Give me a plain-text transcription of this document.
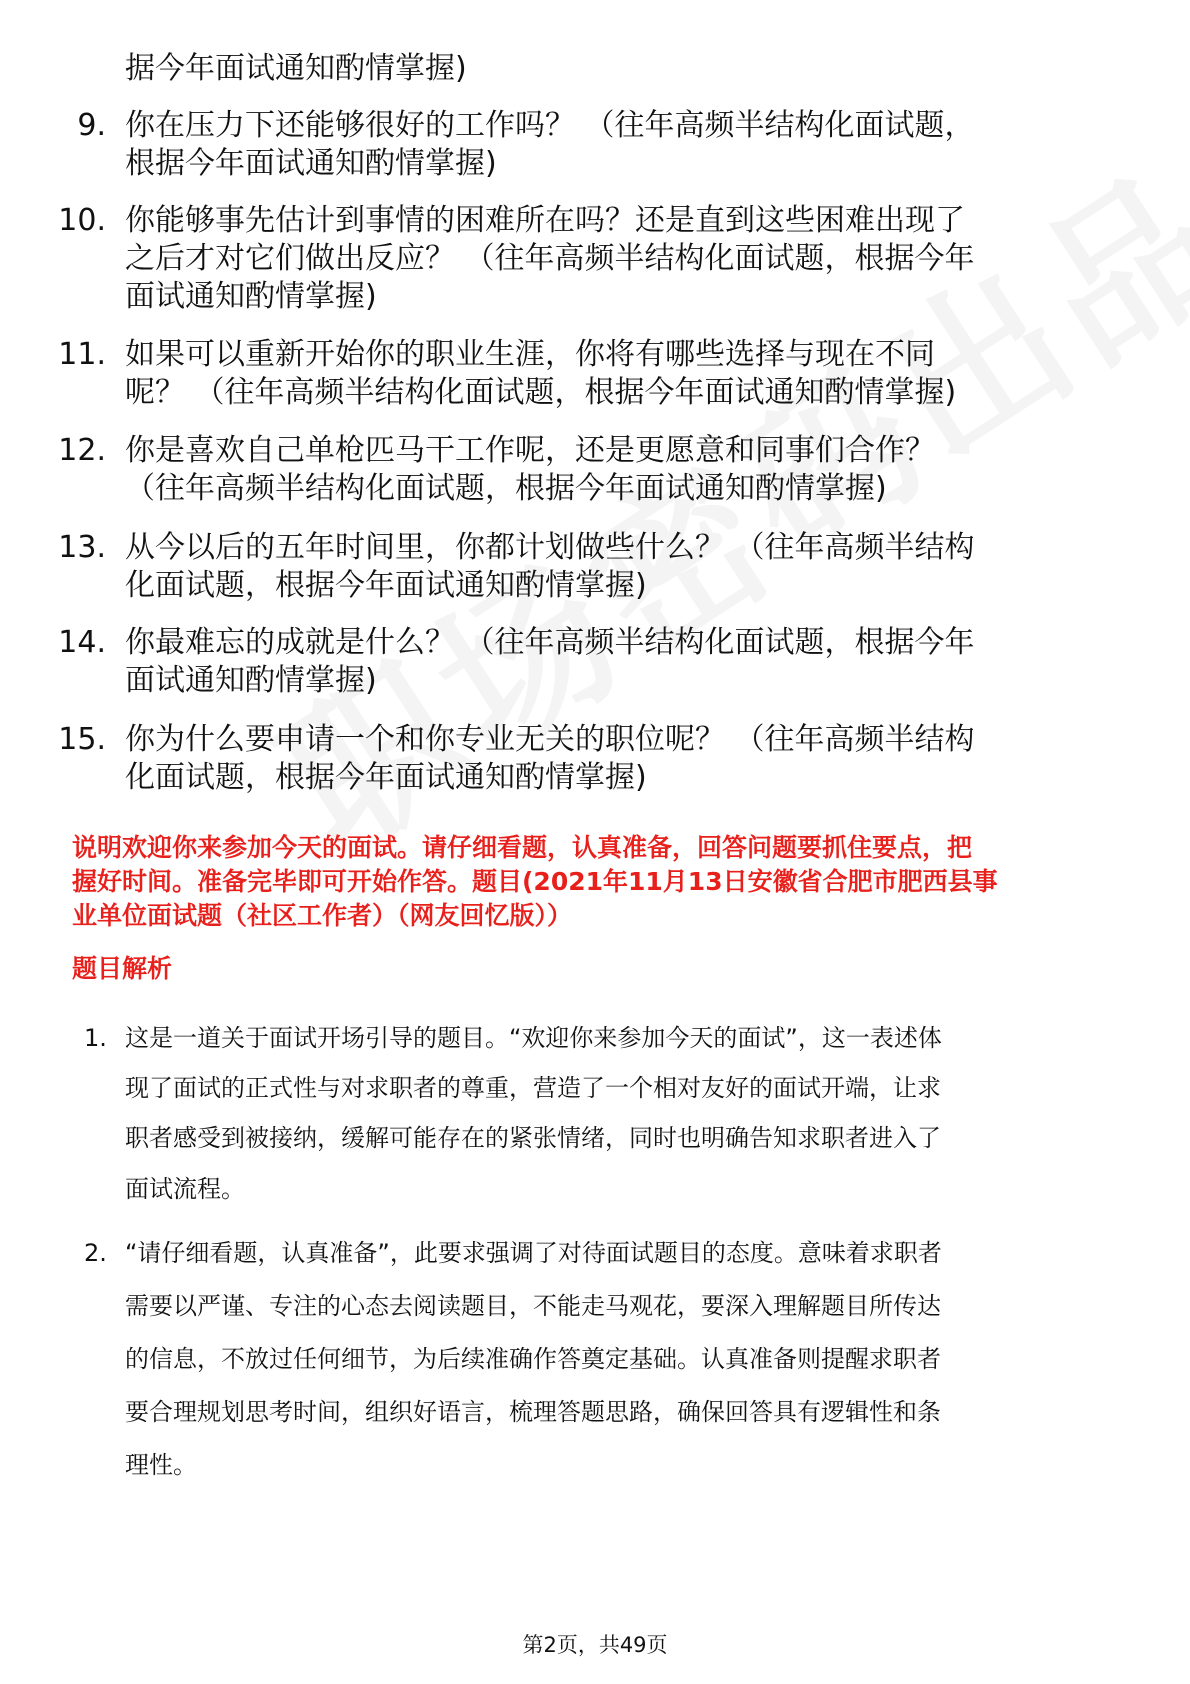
据今年面试通知酌情掌握)
9. 你在压力下还能够很好的工作吗？ （往年高频半结构化面试题，
根据今年面试通知酌情掌握)
10. 你能够事先估计到事情的困难所在吗？还是直到这些困难出现了
之后才对它们做出反应？ （往年高频半结构化面试题，根据今年
面试通知酌情掌握)
11. 如果可以重新开始你的职业生涯，你将有哪些选择与现在不同
呢？ （往年高频半结构化面试题，根据今年面试通知酌情掌握)
12. 你是喜欢自己单枪匹马干工作呢，还是更愿意和同事们合作？
（往年高频半结构化面试题，根据今年面试通知酌情掌握)
13. 从今以后的五年时间里，你都计划做些什么？ （往年高频半结构
化面试题，根据今年面试通知酌情掌握)
14. 你最难忘的成就是什么？ （往年高频半结构化面试题，根据今年
面试通知酌情掌握)
15. 你为什么要申请一个和你专业无关的职位呢？ （往年高频半结构
化面试题，根据今年面试通知酌情掌握)
说明欢迎你来参加今天的面试。请仔细看题，认真准备，回答问题要抓住要点，把
握好时间。准备完毕即可开始作答。题目(2021年11月13日安徽省合肥市肥西县事
业单位面试题（社区工作者）（网友回忆版））
题目解析
1. 这是一道关于面试开场引导的题目。“欢迎你来参加今天的面试”，这一表述体
现了面试的正式性与对求职者的尊重，营造了一个相对友好的面试开端，让求
职者感受到被接纳，缓解可能存在的紧张情绪，同时也明确告知求职者进入了
面试流程。
2. “请仔细看题，认真准备”，此要求强调了对待面试题目的态度。意味着求职者
需要以严谨、专注的心态去阅读题目，不能走马观花，要深入理解题目所传达
的信息，不放过任何细节，为后续准确作答奠定基础。认真准备则提醒求职者
要合理规划思考时间，组织好语言，梳理答题思路，确保回答具有逻辑性和条
理性。
第2页，共49页
